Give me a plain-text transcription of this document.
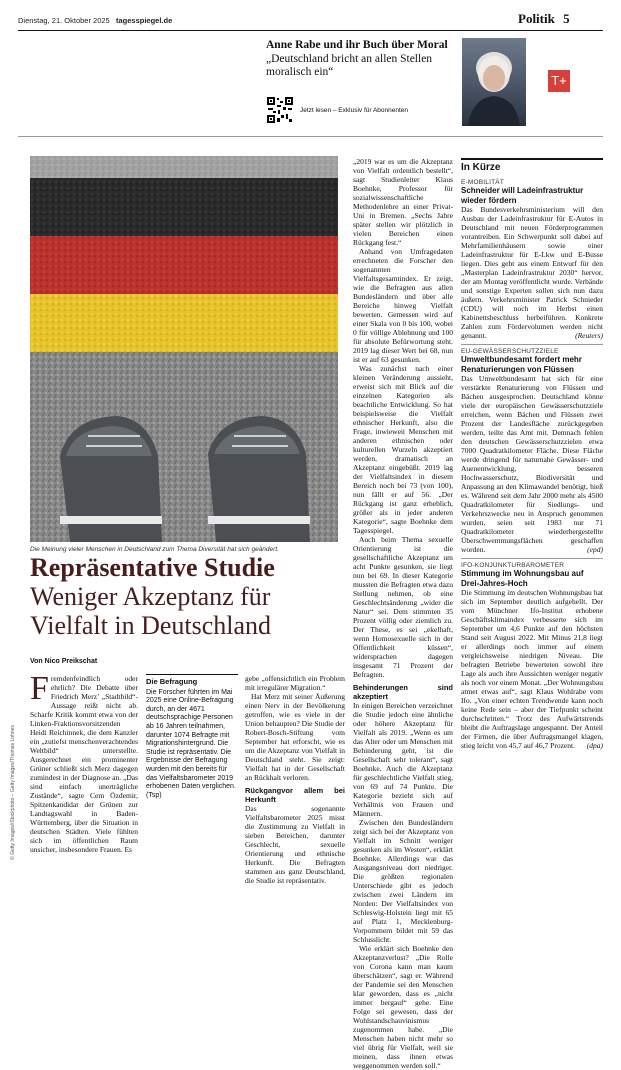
Dienstag, 21. Oktober 2025 tagesspiegel.de	Politik 5
Anne Rabe und ihr Buch über Moral
„Deutschland bricht an allen Stellen moralisch ein“
Jetzt lesen – Exklusiv für Abonnenten
T+
Die Meinung vieler Menschen in Deutschland zum Thema Diversität hat sich geändert.
Repräsentative Studie
Weniger Akzeptanz für Vielfalt in Deutschland
Von Nico Preikschat
F remdenfeindlich oder ehrlich? Die Debatte über Friedrich Merz’ „Stadtbild“-Aussage reißt nicht ab. Scharfe Kritik kommt etwa von der Linken-Fraktionsvorsitzenden Heidi Reichinnek, die dem Kanzler ein „zutiefst menschenverachtendes Weltbild“ unterstellte. Ausgerechnet ein prominenter Grüner schließt sich Merz dagegen zumindest in der Diagnose an. „Das sind einfach unerträgliche Zustände“, sagte Cem Özdemir, Spitzenkandidat der Grünen zur Landtagswahl in Baden-Württemberg, über die Situation in deutschen Städten. Viele fühlten sich im öffentlichen Raum unsicher, insbesondere Frauen. Es
Die Befragung
Die Forscher führten im Mai 2025 eine Online-Befragung durch, an der 4671 deutschsprachige Personen ab 16 Jahren teilnahmen, darunter 1074 Befragte mit Migrationshintergrund. Die Studie ist repräsentativ. Die Ergebnisse der Befragung wurden mit den bereits für das Vielfaltsbarometer 2019 erhobenen Daten verglichen. (Tsp)

gebe „offensichtlich ein Problem mit irregulärer Migration.“

Hat Merz mit seiner Äußerung einen Nerv in der Bevölkerung getroffen, wie es viele in der Union behaupten? Die Studie der Robert-Bosch-Stiftung vom September hat erforscht, wie es um die Akzeptanz von Vielfalt in Deutschland steht. Sie zeigt: Vielfalt hat in der Gesellschaft an Rückhalt verloren.

Rückgangvor allem bei Herkunft

Das sogenannte Vielfaltsbarometer 2025 misst die Zustimmung zu Vielfalt in sieben Bereichen, darunter Geschlecht, sexuelle Orientierung und ethnische Herkunft. Die Befragten stammen aus ganz Deutschland, die Studie ist repräsentativ.

„2019 war es um die Akzeptanz von Vielfalt ordentlich bestellt“, sagt Studienleiter Klaus Boehnke, Professor für sozialwissenschaftliche Methodenlehre an einer Privat-Uni in Bremen. „Sechs Jahre später stellen wir plötzlich in vielen Bereichen einen Rückgang fest.“

Anhand von Umfragedaten errechneten die Forscher den sogenannten Vielfaltsgesamtindex. Er zeigt, wie die Befragten aus allen Bundesländern und über alle Bereiche hinweg Vielfalt bewerten. Gemessen wird auf einer Skala von 0 bis 100, wobei 0 für völlige Ablehnung und 100 für absolute Befürwortung steht. 2019 lag dieser Wert bei 68, nun ist er auf 63 gesunken.

Was zunächst nach einer kleinen Veränderung aussieht, erweist sich mit Blick auf die einzelnen Kategorien als beachtliche Entwicklung. So hat beispielsweise die Vielfalt ethnischer Herkunft, also die Frage, inwieweit Menschen mit anderen ethnischen oder kulturellen Wurzeln akzeptiert werden, dramatisch an Akzeptanz eingebüßt. 2019 lag der Vielfaltsindex in diesem Bereich noch bei 73 (von 100), nun fällt er auf 56. „Der Rückgang ist ganz erheblich, größer als in jeder anderen Kategorie“, sagte Boehnke dem Tagesspiegel.

Auch beim Thema sexuelle Orientierung ist die gesellschaftliche Akzeptanz um acht Punkte gesunken, sie liegt nun bei 69. In dieser Kategorie mussten die Befragten etwa dazu Stellung nehmen, ob eine Geschlechtsänderung „wider die Natur“ sei. Dem stimmten 35 Prozent völlig oder ziemlich zu. Der These, es sei „ekelhaft, wenn Homosexuelle sich in der Öffentlichkeit küssen“, widersprachen dagegen insgesamt 71 Prozent der Befragten.

Behinderungen sind akzeptiert

In einigen Bereichen verzeichnet die Studie jedoch eine ähnliche oder höhere Akzeptanz für Vielfalt als 2019. „Wenn es um das Alter oder um Menschen mit Behinderung geht, ist die Gesellschaft sehr tolerant“, sagt Boehnke. Auch die Akzeptanz für geschlechtliche Vielfalt stieg, von 69 auf 74 Punkte. Die Kategorie bezieht sich auf Verhältnis von Frauen und Männern.

Zwischen den Bundesländern zeigt sich bei der Akzeptanz von Vielfalt im Schnitt weniger gesunken als im Westen“, erklärt Boehnke. Allerdings war das Ausgangsniveau dort niedriger. Die größten regionalen Unterschiede gibt es jedoch zwischen zwei Ländern im Norden: Der Vielfaltsindex von Schleswig-Holstein liegt mit 65 auf Platz 1, Mecklenburg-Vorpommern bildet mit 59 das Schlusslicht.

Wie erklärt sich Boehnke den Akzeptanzverlust? „Die Rolle von Corona kann man kaum überschätzen“, sagt er. Während der Pandemie sei den Menschen klar geworden, dass es „nicht immer bergauf“ gehe. Eine Folge sei gewesen, dass der Wohlstandschauvinismus zugenommen habe. „Die Menschen haben nicht mehr so viel übrig für Vielfalt, weil sie meinen, dass ihnen etwas weggenommen werden soll.“

In Kürze
E-MOBILITÄT
Schneider will Ladeinfrastruktur wieder fördern
Das Bundesverkehrsministerium will den Ausbau der Ladeinfrastruktur für E-Autos in Deutschland mit neuen Förderprogrammen vorantreiben. Ein Schwerpunkt soll dabei auf Mehrfamilienhäusern sowie einer Ladeinfrastruktur für E-Lkw und E-Busse liegen. Dies geht aus einem Entwurf für den „Masterplan Ladeinfrastruktur 2030“ hervor, der am Montag veröffentlicht wurde. Verbände und sonstige Experten sollen sich nun dazu äußern. Verkehrsminister Patrick Schnieder (CDU) will noch im Herbst einen Kabinettsbeschluss herbeiführen. Konkrete Zahlen zum Fördervolumen werden nicht genannt.	(Reuters)
EU-GEWÄSSERSCHUTZZIELE
Umweltbundesamt fordert mehr Renaturierungen von Flüssen
Das Umweltbundesamt hat sich für eine verstärkte Renaturierung von Flüssen und Bächen ausgesprochen. Deutschland könne viele der europäischen Gewässerschutzziele erreichen, wenn Bächen und Flüssen zwei Prozent der Landesfläche zurückgegeben werden, teilte das Amt mit. Demnach fehlen den deutschen Gewässerschutzzielen etwa 7000 Quadratkilometer Fläche. Diese Fläche werde dringend für naturnahe Gewässer- und Auenentwicklung, besseren Hochwasserschutz, Biodiversität und Anpassung an den Klimawandel benötigt, hieß es. Während seit dem Jahr 2000 mehr als 4500 Quadratkilometer für Siedlungs- und Verkehrszwecke neu in Anspruch genommen wurden, seien seit 1983 nur 71 Quadratkilometer wiederhergestellte Überschwemmungsflächen geschaffen worden.	(epd)
IFO-KONJUNKTURBAROMETER
Stimmung im Wohnungsbau auf Drei-Jahres-Hoch
Die Stimmung im deutschen Wohnungsbau hat sich im September deutlich aufgehellt. Der vom Münchner Ifo-Institut erhobene Geschäftsklimaindex verbesserte sich im September um 4,6 Punkte auf den höchsten Stand seit August 2022. Mit Minus 21,8 liegt er allerdings noch immer auf einem vergleichsweise niedrigen Niveau. Die befragten Betriebe bewerteten sowohl ihre Lage als auch ihre Aussichten weniger negativ als noch vor einem Monat. „Der Wohnungsbau atmet etwas auf“, sagt Klaus Wohlrabe vom Ifo. „Von einer echten Trendwende kann noch keine Rede sein – aber der Tiefpunkt scheint durchschritten.“ Trotz des Aufwärtstrends bleibt die Auftragslage angespannt. Der Anteil der Firmen, die über Auftragsmangel klagen, stieg leicht von 45,7 auf 46,7 Prozent. (dpa)
© Getty Images/iStockphoto – Getty Images/Thomas Lohnes
